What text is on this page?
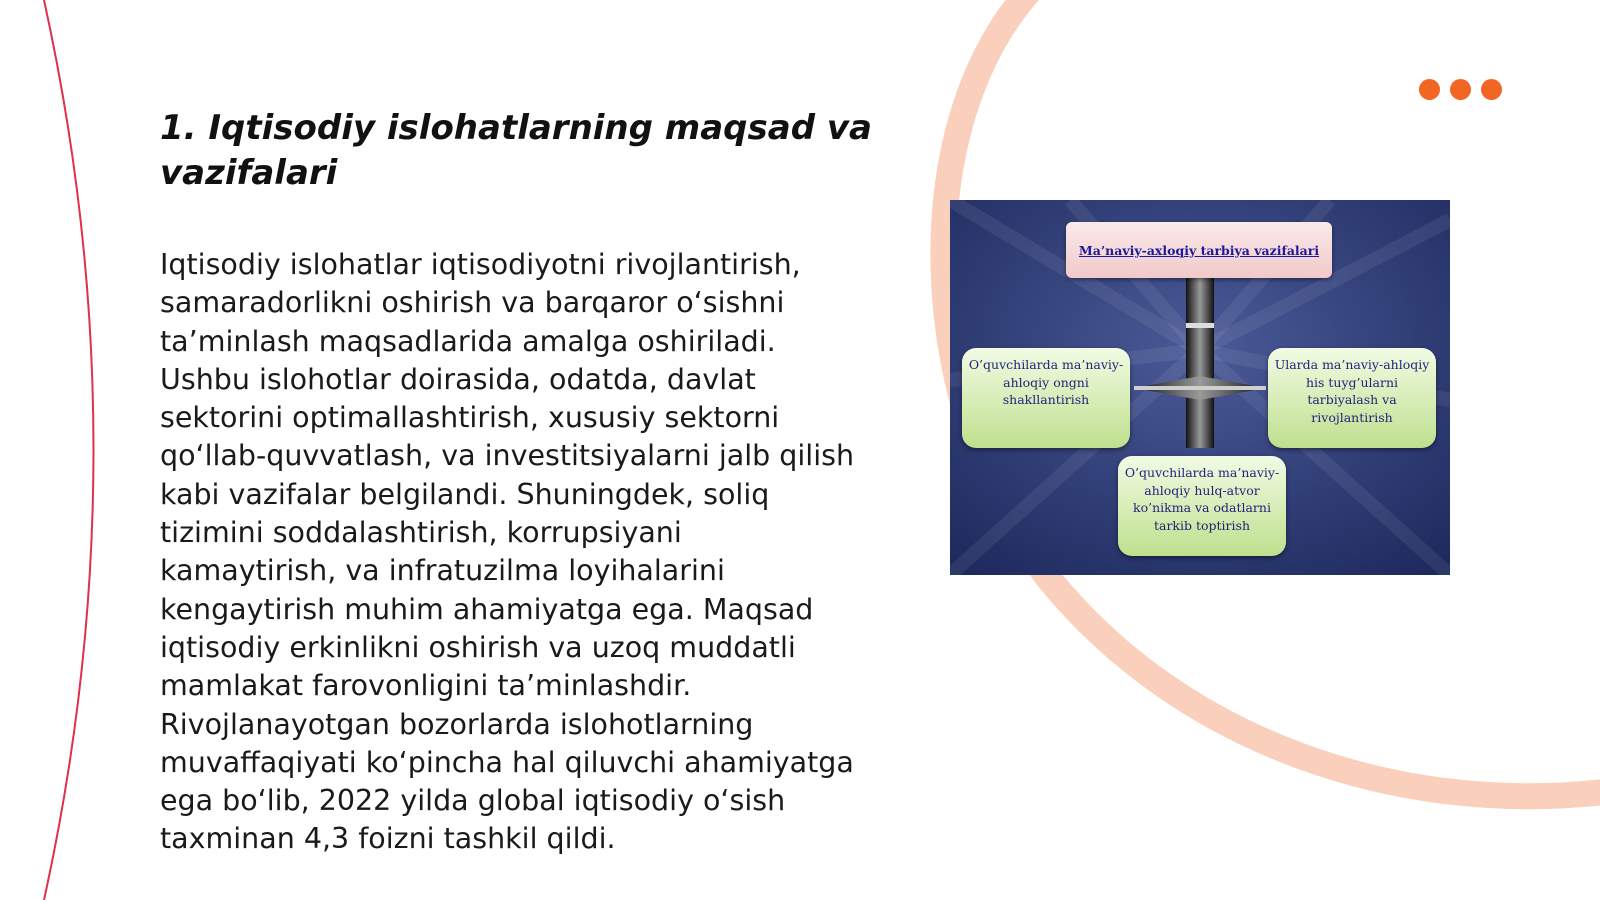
1. Iqtisodiy islohatlarning maqsad va vazifalari

Iqtisodiy islohatlar iqtisodiyotni rivojlantirish, samaradorlikni oshirish va barqaror o‘sishni ta’minlash maqsadlarida amalga oshiriladi. Ushbu islohotlar doirasida, odatda, davlat sektorini optimallashtirish, xususiy sektorni qo‘llab-quvvatlash, va investitsiyalarni jalb qilish kabi vazifalar belgilandi. Shuningdek, soliq tizimini soddalashtirish, korrupsiyani kamaytirish, va infratuzilma loyihalarini kengaytirish muhim ahamiyatga ega. Maqsad iqtisodiy erkinlikni oshirish va uzoq muddatli mamlakat farovonligini ta’minlashdir. Rivojlanayotgan bozorlarda islohotlarning muvaffaqiyati ko‘pincha hal qiluvchi ahamiyatga ega bo‘lib, 2022 yilda global iqtisodiy o‘sish taxminan 4,3 foizni tashkil qildi.

Ma’naviy-axloqiy tarbiya vazifalari
O’quvchilarda ma’naviy-ahloqiy ongni shakllantirish
Ularda ma’naviy-ahloqiy his tuyg’ularni tarbiyalash va rivojlantirish
O’quvchilarda ma’naviy-ahloqiy hulq-atvor ko’nikma va odatlarni tarkib toptirish
